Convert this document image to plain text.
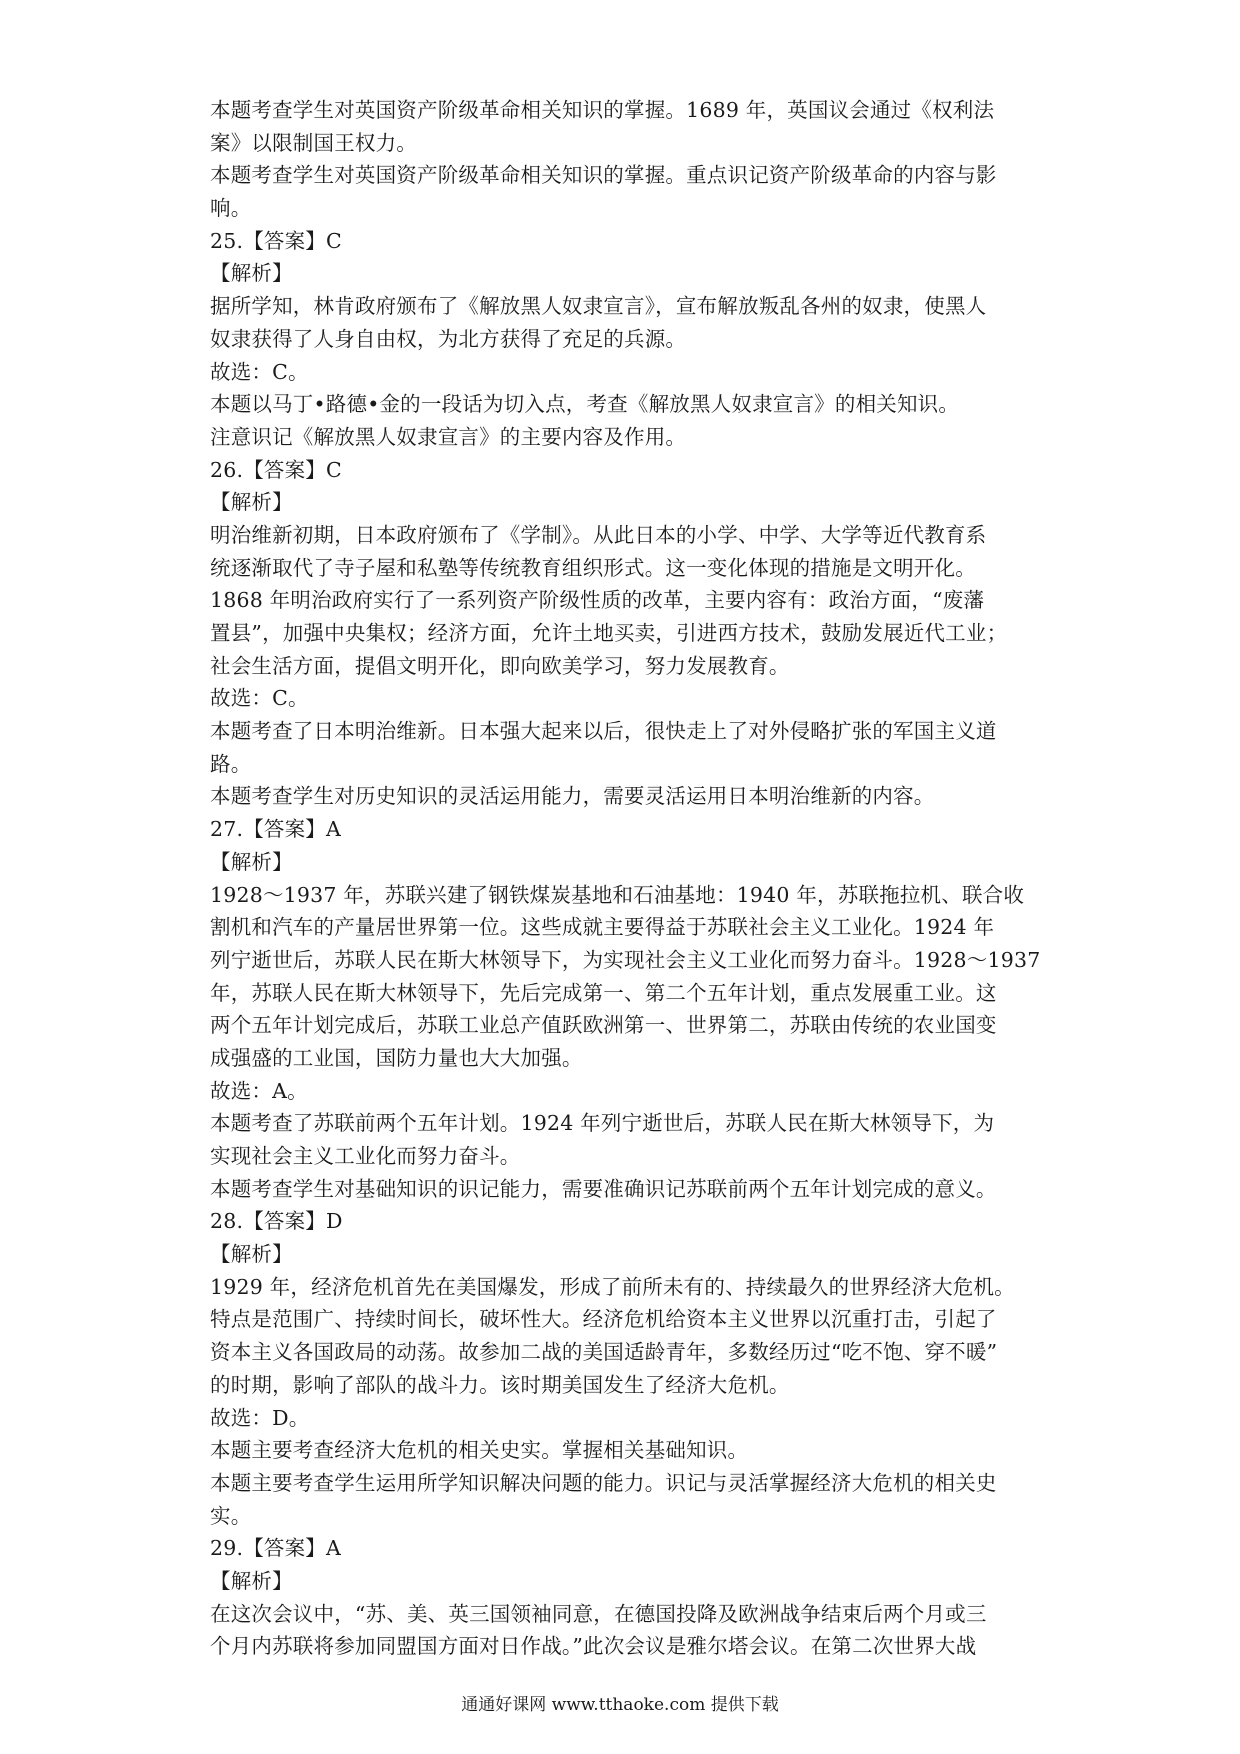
本题考查学生对英国资产阶级革命相关知识的掌握。1689 年，英国议会通过《权利法
案》以限制国王权力。
本题考查学生对英国资产阶级革命相关知识的掌握。重点识记资产阶级革命的内容与影
响。
25.【答案】C
【解析】
据所学知，林肯政府颁布了《解放黑人奴隶宣言》，宣布解放叛乱各州的奴隶，使黑人
奴隶获得了人身自由权，为北方获得了充足的兵源。
故选：C。
本题以马丁•路德•金的一段话为切入点，考查《解放黑人奴隶宣言》的相关知识。
注意识记《解放黑人奴隶宣言》的主要内容及作用。
26.【答案】C
【解析】
明治维新初期，日本政府颁布了《学制》。从此日本的小学、中学、大学等近代教育系
统逐渐取代了寺子屋和私塾等传统教育组织形式。这一变化体现的措施是文明开化。
1868 年明治政府实行了一系列资产阶级性质的改革，主要内容有：政治方面，“废藩
置县”，加强中央集权；经济方面，允许土地买卖，引进西方技术，鼓励发展近代工业；
社会生活方面，提倡文明开化，即向欧美学习，努力发展教育。
故选：C。
本题考查了日本明治维新。日本强大起来以后，很快走上了对外侵略扩张的军国主义道
路。
本题考查学生对历史知识的灵活运用能力，需要灵活运用日本明治维新的内容。
27.【答案】A
【解析】
1928～1937 年，苏联兴建了钢铁煤炭基地和石油基地：1940 年，苏联拖拉机、联合收
割机和汽车的产量居世界第一位。这些成就主要得益于苏联社会主义工业化。1924 年
列宁逝世后，苏联人民在斯大林领导下，为实现社会主义工业化而努力奋斗。1928～1937
年，苏联人民在斯大林领导下，先后完成第一、第二个五年计划，重点发展重工业。这
两个五年计划完成后，苏联工业总产值跃欧洲第一、世界第二，苏联由传统的农业国变
成强盛的工业国，国防力量也大大加强。
故选：A。
本题考查了苏联前两个五年计划。1924 年列宁逝世后，苏联人民在斯大林领导下，为
实现社会主义工业化而努力奋斗。
本题考查学生对基础知识的识记能力，需要准确识记苏联前两个五年计划完成的意义。
28.【答案】D
【解析】
1929 年，经济危机首先在美国爆发，形成了前所未有的、持续最久的世界经济大危机。
特点是范围广、持续时间长，破坏性大。经济危机给资本主义世界以沉重打击，引起了
资本主义各国政局的动荡。故参加二战的美国适龄青年，多数经历过“吃不饱、穿不暖”
的时期，影响了部队的战斗力。该时期美国发生了经济大危机。
故选：D。
本题主要考查经济大危机的相关史实。掌握相关基础知识。
本题主要考查学生运用所学知识解决问题的能力。识记与灵活掌握经济大危机的相关史
实。
29.【答案】A
【解析】
在这次会议中，“苏、美、英三国领袖同意，在德国投降及欧洲战争结束后两个月或三
个月内苏联将参加同盟国方面对日作战。”此次会议是雅尔塔会议。在第二次世界大战
通通好课网 www.tthaoke.com 提供下载
